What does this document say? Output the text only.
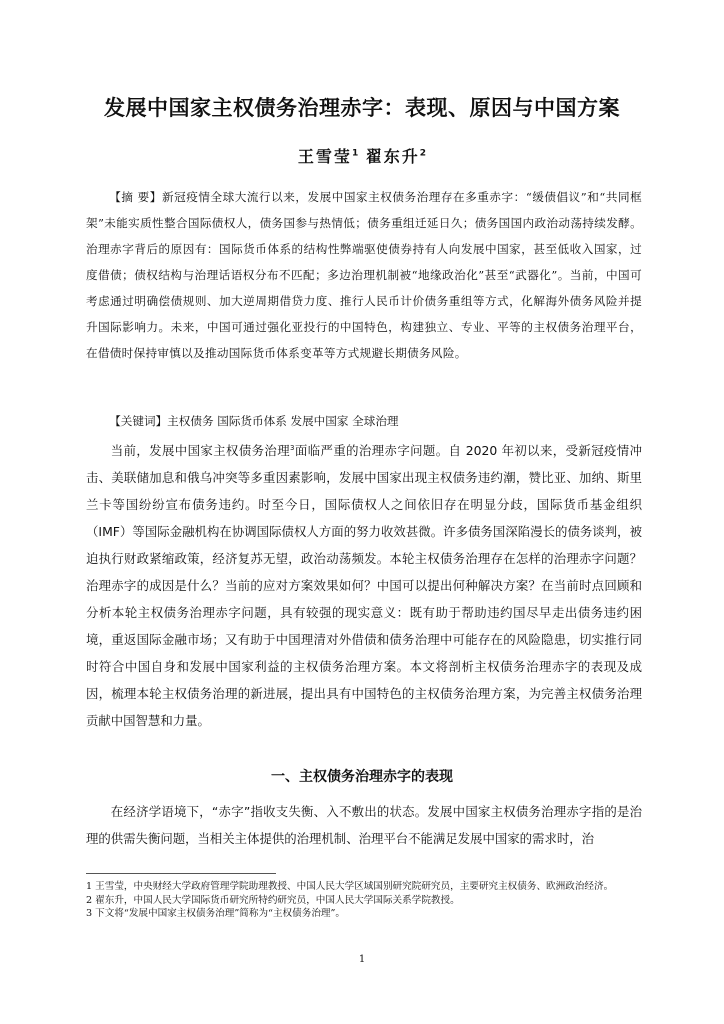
发展中国家主权债务治理赤字：表现、原因与中国方案
王雪莹$^1$ 翟东升$^2$

【摘 要】新冠疫情全球大流行以来，发展中国家主权债务治理存在多重赤字：“缓债倡议”和“共同框架”未能实质性整合国际债权人，债务国参与热情低；债务重组迁延日久；债务国国内政治动荡持续发酵。治理赤字背后的原因有：国际货币体系的结构性弊端驱使债券持有人向发展中国家，甚至低收入国家，过度借债；债权结构与治理话语权分布不匹配；多边治理机制被“地缘政治化”甚至“武器化”。当前，中国可考虑通过明确偿债规则、加大逆周期借贷力度、推行人民币计价债务重组等方式，化解海外债务风险并提升国际影响力。未来，中国可通过强化亚投行的中国特色，构建独立、专业、平等的主权债务治理平台，在借债时保持审慎以及推动国际货币体系变革等方式规避长期债务风险。

【关键词】主权债务 国际货币体系 发展中国家 全球治理

当前，发展中国家主权债务治理$^3$面临严重的治理赤字问题。自 2020 年初以来，受新冠疫情冲击、美联储加息和俄乌冲突等多重因素影响，发展中国家出现主权债务违约潮，赞比亚、加纳、斯里兰卡等国纷纷宣布债务违约。时至今日，国际债权人之间依旧存在明显分歧，国际货币基金组织（IMF）等国际金融机构在协调国际债权人方面的努力收效甚微。许多债务国深陷漫长的债务谈判，被迫执行财政紧缩政策，经济复苏无望，政治动荡频发。本轮主权债务治理存在怎样的治理赤字问题？治理赤字的成因是什么？当前的应对方案效果如何？中国可以提出何种解决方案？在当前时点回顾和分析本轮主权债务治理赤字问题，具有较强的现实意义：既有助于帮助违约国尽早走出债务违约困境，重返国际金融市场；又有助于中国理清对外借债和债务治理中可能存在的风险隐患，切实推行同时符合中国自身和发展中国家利益的主权债务治理方案。本文将剖析主权债务治理赤字的表现及成因，梳理本轮主权债务治理的新进展，提出具有中国特色的主权债务治理方案，为完善主权债务治理贡献中国智慧和力量。

一、主权债务治理赤字的表现

在经济学语境下，“赤字”指收支失衡、入不敷出的状态。发展中国家主权债务治理赤字指的是治理的供需失衡问题，当相关主体提供的治理机制、治理平台不能满足发展中国家的需求时，治

1 王雪莹，中央财经大学政府管理学院助理教授、中国人民大学区域国别研究院研究员，主要研究主权债务、欧洲政治经济。

2 翟东升，中国人民大学国际货币研究所特约研究员，中国人民大学国际关系学院教授。

3 下文将“发展中国家主权债务治理”简称为“主权债务治理”。

1
